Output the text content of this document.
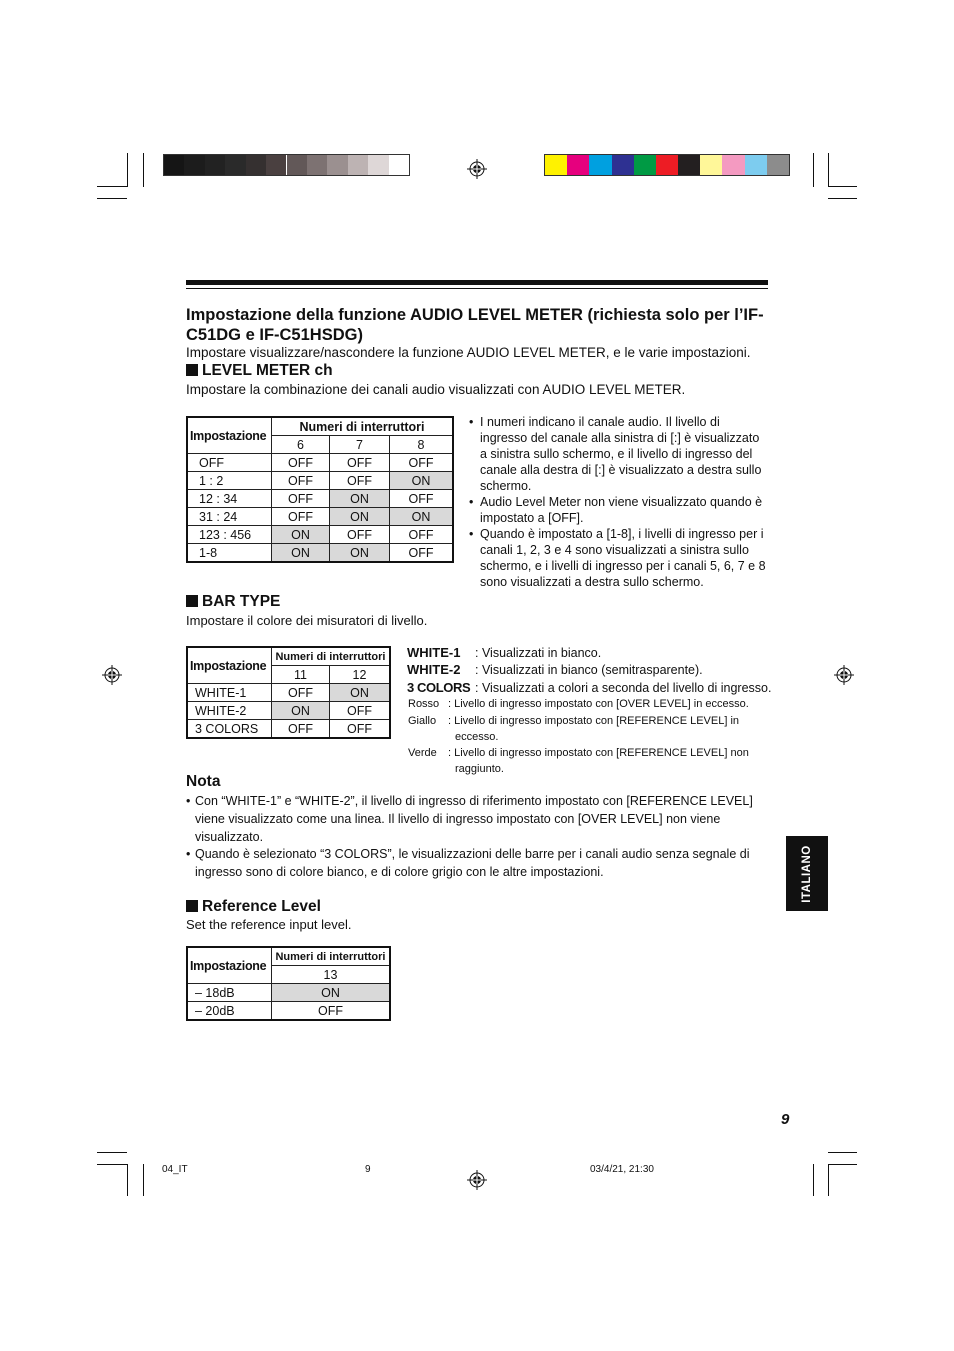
Impostazione della funzione AUDIO LEVEL METER (richiesta solo per l’IF-C51DG e IF-C51HSDG)
Impostare visualizzare/nascondere la funzione AUDIO LEVEL METER, e le varie impostazioni.
LEVEL METER ch
Impostare la combinazione dei canali audio visualizzati con AUDIO LEVEL METER.
Impostazione	Numeri di interruttori		
	6	7	8
OFF	OFF	OFF	OFF
1 : 2	OFF	OFF	ON
12 : 34	OFF	ON	OFF
31 : 24	OFF	ON	ON
123 : 456	ON	OFF	OFF
1-8	ON	ON	OFF
• I numeri indicano il canale audio. Il livello di ingresso del canale alla sinistra di [:] è visualizzato a sinistra sullo schermo, e il livello di ingresso del canale alla destra di [:] è visualizzato a destra sullo schermo.
• Audio Level Meter non viene visualizzato quando è impostato a [OFF].
• Quando è impostato a [1-8], i livelli di ingresso per i canali 1, 2, 3 e 4 sono visualizzati a sinistra sullo schermo, e i livelli di ingresso per i canali 5, 6, 7 e 8 sono visualizzati a destra sullo schermo.
BAR TYPE
Impostare il colore dei misuratori di livello.
Impostazione	Numeri di interruttori	
	11	12
WHITE-1	OFF	ON
WHITE-2	ON	OFF
3 COLORS	OFF	OFF
WHITE-1 : Visualizzati in bianco.
WHITE-2 : Visualizzati in bianco (semitrasparente).
3 COLORS : Visualizzati a colori a seconda del livello di ingresso.
Rosso : Livello di ingresso impostato con [OVER LEVEL] in eccesso.
Giallo : Livello di ingresso impostato con [REFERENCE LEVEL] in
eccesso.
Verde : Livello di ingresso impostato con [REFERENCE LEVEL] non
raggiunto.
Nota
• Con “WHITE-1” e “WHITE-2”, il livello di ingresso di riferimento impostato con [REFERENCE LEVEL]
viene visualizzato come una linea. Il livello di ingresso impostato con [OVER LEVEL] non viene
visualizzato.
• Quando è selezionato “3 COLORS”, le visualizzazioni delle barre per i canali audio senza segnale di
ingresso sono di colore bianco, e di colore grigio con le altre impostazioni.
Reference Level
Set the reference input level.
Impostazione	Numeri di interruttori
	13
– 18dB	ON
– 20dB	OFF
ITALIANO
9
04_IT	9	03/4/21, 21:30
